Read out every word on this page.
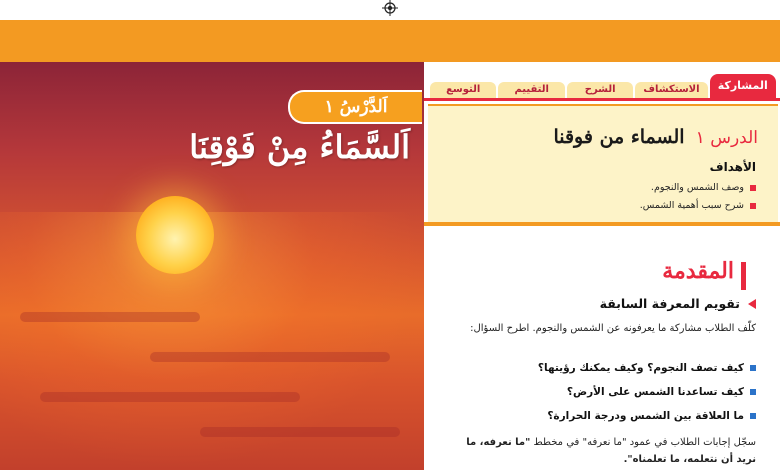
اَلدَّرْسُ ١
اَلسَّمَاءُ مِنْ فَوْقِنَا
المشاركة
الاستكشاف
الشرح
التقييم
التوسع
الدرس ١ السماء من فوقنا
الأهداف
وصف الشمس والنجوم.
شرح سبب أهمية الشمس.
المقدمة
تقويم المعرفة السابقة
كلّف الطلاب مشاركة ما يعرفونه عن الشمس والنجوم. اطرح السؤال:
كيف تصف النجوم؟ وكيف يمكنك رؤيتها؟
كيف تساعدنا الشمس على الأرض؟
ما العلاقة بين الشمس ودرجة الحرارة؟
سجّل إجابات الطلاب في عمود "ما نعرفه" في مخطط "ما نعرفه، ما نريد أن نتعلمه، ما تعلمناه".
